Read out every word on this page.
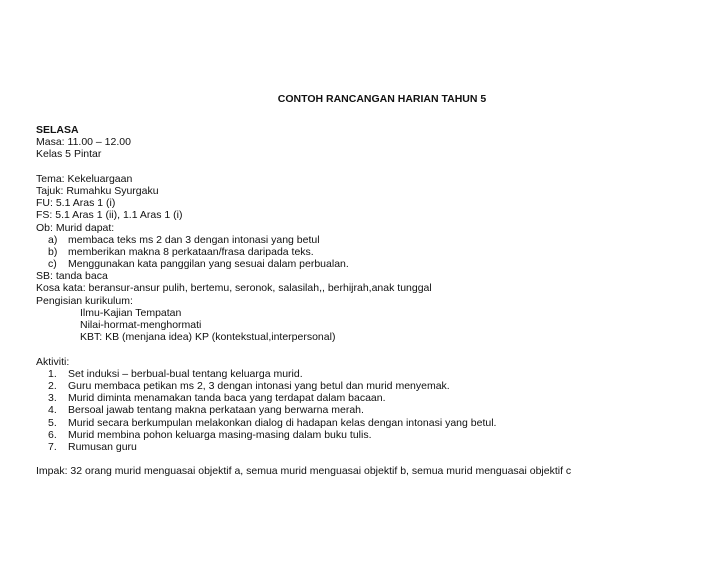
CONTOH RANCANGAN HARIAN TAHUN 5
SELASA
Masa: 11.00 – 12.00
Kelas 5 Pintar
Tema: Kekeluargaan
Tajuk: Rumahku Syurgaku
FU: 5.1 Aras 1 (i)
FS: 5.1 Aras 1 (ii), 1.1 Aras 1 (i)
Ob: Murid dapat:
a)	membaca teks ms 2 dan 3 dengan intonasi yang betul
b)	memberikan makna 8 perkataan/frasa daripada teks.
c)	Menggunakan kata panggilan yang sesuai dalam perbualan.
SB: tanda baca
Kosa kata: beransur-ansur pulih, bertemu, seronok, salasilah,, berhijrah,anak tunggal
Pengisian kurikulum:
Ilmu-Kajian Tempatan
Nilai-hormat-menghormati
KBT: KB (menjana idea) KP (kontekstual,interpersonal)
Aktiviti:
1.	Set induksi – berbual-bual tentang keluarga murid.
2.	Guru membaca petikan ms 2, 3 dengan intonasi yang betul dan murid menyemak.
3.	Murid diminta menamakan tanda baca yang terdapat dalam bacaan.
4.	Bersoal jawab tentang makna perkataan yang berwarna merah.
5.	Murid secara berkumpulan melakonkan dialog di hadapan kelas dengan intonasi yang betul.
6.	Murid membina pohon keluarga masing-masing dalam buku tulis.
7.	Rumusan guru
Impak: 32 orang murid menguasai objektif a, semua murid menguasai objektif b, semua murid menguasai objektif c
